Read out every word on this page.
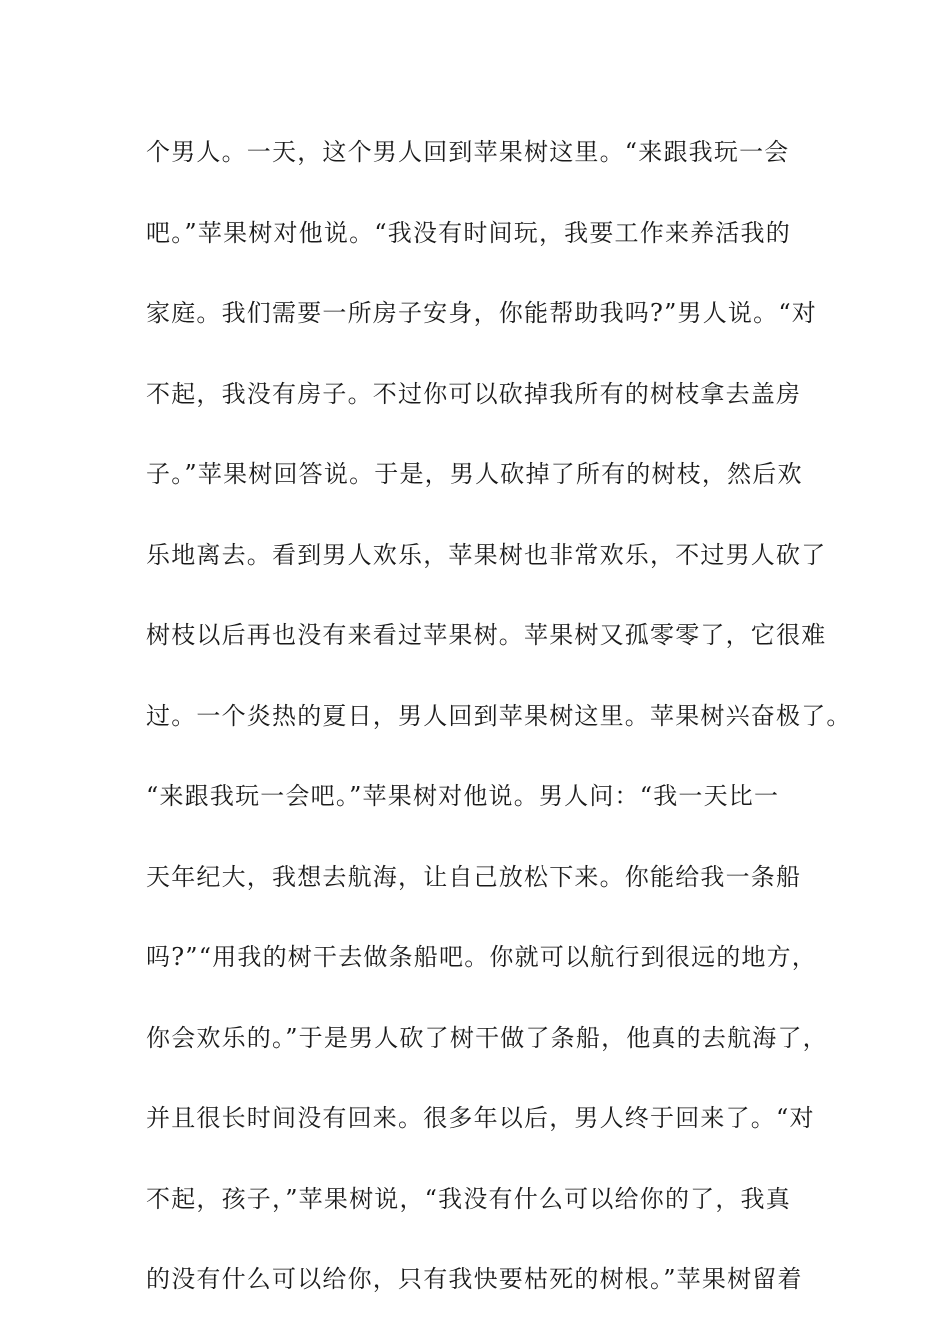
个男人。一天，这个男人回到苹果树这里。“来跟我玩一会
吧。”苹果树对他说。“我没有时间玩，我要工作来养活我的
家庭。我们需要一所房子安身，你能帮助我吗?”男人说。“对
不起，我没有房子。不过你可以砍掉我所有的树枝拿去盖房
子。”苹果树回答说。于是，男人砍掉了所有的树枝，然后欢
乐地离去。看到男人欢乐，苹果树也非常欢乐，不过男人砍了
树枝以后再也没有来看过苹果树。苹果树又孤零零了，它很难
过。一个炎热的夏日，男人回到苹果树这里。苹果树兴奋极了。
“来跟我玩一会吧。”苹果树对他说。男人问：“我一天比一
天年纪大，我想去航海，让自己放松下来。你能给我一条船
吗?”“用我的树干去做条船吧。你就可以航行到很远的地方，
你会欢乐的。”于是男人砍了树干做了条船，他真的去航海了，
并且很长时间没有回来。很多年以后，男人终于回来了。“对
不起，孩子，”苹果树说，“我没有什么可以给你的了，我真
的没有什么可以给你，只有我快要枯死的树根。”苹果树留着
